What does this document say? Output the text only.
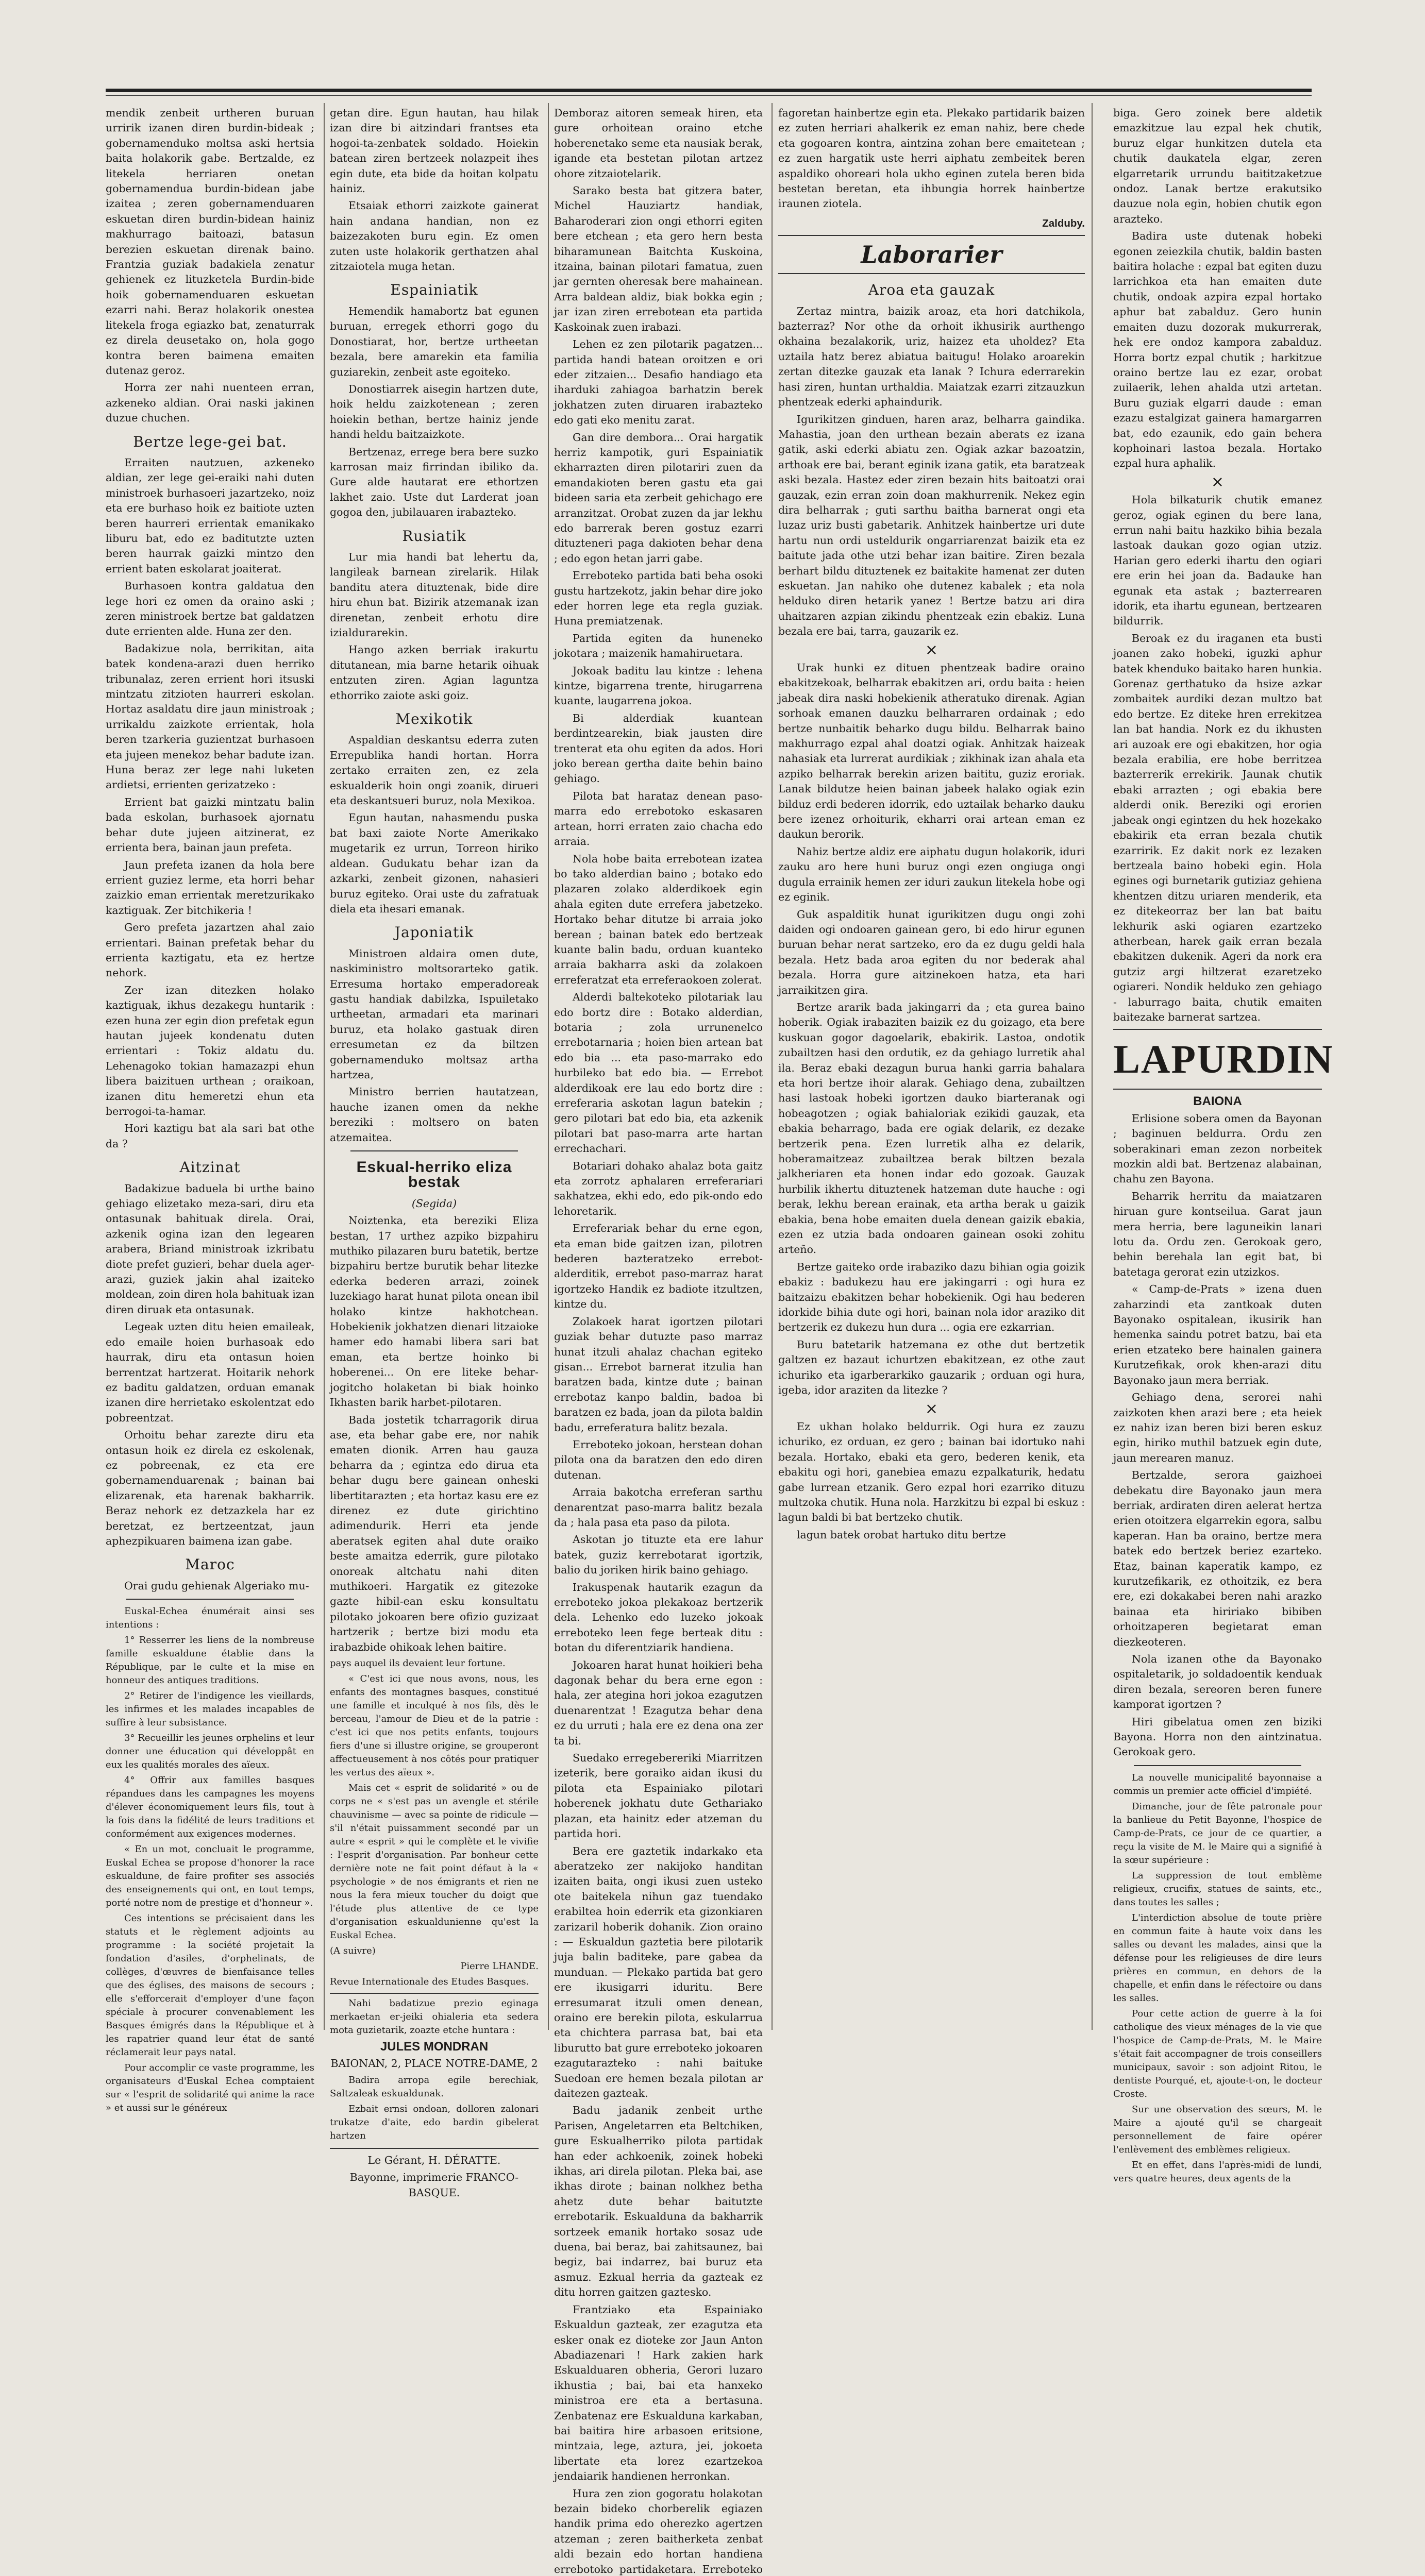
mendik zenbeit urtheren buruan urririk izanen diren burdin-bideak ; gobernamenduko moltsa aski hertsia baita holakorik gabe. Bertzalde, ez litekela herriaren onetan gobernamendua burdin-bidean jabe izaitea ; zeren gobernamenduaren eskuetan diren burdin-bidean hainiz makhurrago baitoazi, batasun berezien eskuetan direnak baino. Frantzia guziak badakiela zenatur gehienek ez lituzketela Burdin-bide hoik gobernamenduaren eskuetan ezarri nahi. Beraz holakorik onestea litekela froga egiazko bat, zenaturrak ez direla deusetako on, hola gogo kontra beren baimena emaiten dutenaz geroz.

Horra zer nahi nuenteen erran, azkeneko aldian. Orai naski jakinen duzue chuchen.

Bertze lege-gei bat.

Erraiten nautzuen, azkeneko aldian, zer lege gei-eraiki nahi duten ministroek burhasoeri jazartzeko, noiz eta ere burhaso hoik ez baitiote uzten beren haurreri errientak emanikako liburu bat, edo ez baditutzte uzten beren haurrak gaizki mintzo den errient baten eskolarat joaiterat.

Burhasoen kontra galdatua den lege hori ez omen da oraino aski ; zeren ministroek bertze bat galdatzen dute errienten alde. Huna zer den.

Badakizue nola, berrikitan, aita batek kondena-arazi duen herriko tribunalaz, zeren errient hori itsuski mintzatu zitzioten haurreri eskolan. Hortaz asaldatu dire jaun ministroak ; urrikaldu zaizkote errientak, hola beren tzarkeria guzientzat burhasoen eta jujeen menekoz behar badute izan. Huna beraz zer lege nahi luketen ardietsi, errienten gerizatzeko :

Errient bat gaizki mintzatu balin bada eskolan, burhasoek ajornatu behar dute jujeen aitzinerat, ez errienta bera, bainan jaun prefeta.

Jaun prefeta izanen da hola bere errient guziez lerme, eta horri behar zaizkio eman errientak meretzurikako kaztiguak. Zer bitchikeria !

Gero prefeta jazartzen ahal zaio errientari. Bainan prefetak behar du errienta kaztigatu, eta ez hertze nehork.

Zer izan ditezken holako kaztiguak, ikhus dezakegu huntarik : ezen huna zer egin dion prefetak egun hautan jujeek kondenatu duten errientari : Tokiz aldatu du. Lehenagoko tokian hamazazpi ehun libera baizituen urthean ; oraikoan, izanen ditu hemeretzi ehun eta berrogoi-ta-hamar.

Hori kaztigu bat ala sari bat othe da ?

Aitzinat

Badakizue baduela bi urthe baino gehiago elizetako meza-sari, diru eta ontasunak bahituak direla. Orai, azkenik ogina izan den legearen arabera, Briand ministroak izkribatu diote prefet guzieri, behar duela ager-arazi, guziek jakin ahal izaiteko moldean, zoin diren hola bahituak izan diren diruak eta ontasunak.

Legeak uzten ditu heien emaileak, edo emaile hoien burhasoak edo haurrak, diru eta ontasun hoien berrentzat hartzerat. Hoitarik nehork ez baditu galdatzen, orduan emanak izanen dire herrietako eskolentzat edo pobreentzat.

Orhoitu behar zarezte diru eta ontasun hoik ez direla ez eskolenak, ez pobreenak, ez eta ere gobernamenduarenak ; bainan bai elizarenak, eta harenak bakharrik. Beraz nehork ez detzazkela har ez beretzat, ez bertzeentzat, jaun aphezpikuaren baimena izan gabe.

Maroc

Orai gudu gehienak Algeriako mu-

Euskal-Echea énumérait ainsi ses intentions :

1° Resserrer les liens de la nombreuse famille eskualdune établie dans la République, par le culte et la mise en honneur des antiques traditions.

2° Retirer de l'indigence les vieillards, les infirmes et les malades incapables de suffire à leur subsistance.

3° Recueillir les jeunes orphelins et leur donner une éducation qui développât en eux les qualités morales des aïeux.

4° Offrir aux familles basques répandues dans les campagnes les moyens d'élever économiquement leurs fils, tout à la fois dans la fidélité de leurs traditions et conformément aux exigences modernes.

« En un mot, concluait le programme, Euskal Echea se propose d'honorer la race eskualdune, de faire profiter ses associés des enseignements qui ont, en tout temps, porté notre nom de prestige et d'honneur ».

Ces intentions se précisaient dans les statuts et le règlement adjoints au programme : la société projetait la fondation d'asiles, d'orphelinats, de collèges, d'œuvres de bienfaisance telles que des églises, des maisons de secours ; elle s'efforcerait d'employer d'une façon spéciale à procurer convenablement les Basques émigrés dans la République et à les rapatrier quand leur état de santé réclamerait leur pays natal.

Pour accomplir ce vaste programme, les organisateurs d'Euskal Echea comptaient sur « l'esprit de solidarité qui anime la race » et aussi sur le généreux

getan dire. Egun hautan, hau hilak izan dire bi aitzindari frantses eta hogoi-ta-zenbatek soldado. Hoiekin batean ziren bertzeek nolazpeit ihes egin dute, eta bide da hoitan kolpatu hainiz.

Etsaiak ethorri zaizkote gainerat hain andana handian, non ez baizezakoten buru egin. Ez omen zuten uste holakorik gerthatzen ahal zitzaiotela muga hetan.

Espainiatik

Hemendik hamabortz bat egunen buruan, erregek ethorri gogo du Donostiarat, hor, bertze urtheetan bezala, bere amarekin eta familia guziarekin, zenbeit aste egoiteko.

Donostiarrek aisegin hartzen dute, hoik heldu zaizkotenean ; zeren hoiekin bethan, bertze hainiz jende handi heldu baitzaizkote.

Bertzenaz, errege bera bere suzko karrosan maiz firrindan ibiliko da. Gure alde hautarat ere ethortzen lakhet zaio. Uste dut Larderat joan gogoa den, jubilauaren irabazteko.

Rusiatik

Lur mia handi bat lehertu da, langileak barnean zirelarik. Hilak banditu atera dituztenak, bide dire hiru ehun bat. Bizirik atzemanak izan direnetan, zenbeit erhotu dire izialdurarekin.

Hango azken berriak irakurtu ditutanean, mia barne hetarik oihuak entzuten ziren. Agian laguntza ethorriko zaiote aski goiz.

Mexikotik

Aspaldian deskantsu ederra zuten Errepublika handi hortan. Horra zertako erraiten zen, ez zela eskualderik hoin ongi zoanik, dirueri eta deskantsueri buruz, nola Mexikoa.

Egun hautan, nahasmendu puska bat baxi zaiote Norte Amerikako mugetarik ez urrun, Torreon hiriko aldean. Gudukatu behar izan da azkarki, zenbeit gizonen, nahasieri buruz egiteko. Orai uste du zafratuak diela eta ihesari emanak.

Japoniatik

Ministroen aldaira omen dute, naskiministro moltsorarteko gatik. Erresuma hortako emperadoreak gastu handiak dabilzka, Ispuiletako urtheetan, armadari eta marinari buruz, eta holako gastuak diren erresumetan ez da biltzen gobernamenduko moltsaz artha hartzea,

Ministro berrien hautatzean, hauche izanen omen da nekhe bereziki : moltsero on baten atzemaitea.

Eskual-herriko eliza bestak

(Segida)

Noiztenka, eta bereziki Eliza bestan, 17 urthez azpiko bizpahiru muthiko pilazaren buru batetik, bertze bizpahiru bertze burutik behar litezke ederka bederen arrazi, zoinek luzekiago harat hunat pilota onean ibil holako kintze hakhotchean. Hobekienik jokhatzen dienari litzaioke hamer edo hamabi libera sari bat eman, eta bertze hoinko bi hoberenei... On ere liteke behar-jogitcho holaketan bi biak hoinko Ikhasten barik harbet-pilotaren.

Bada jostetik tcharragorik dirua ase, eta behar gabe ere, nor nahik ematen dionik. Arren hau gauza beharra da ; egintza edo dirua eta behar dugu bere gainean onheski libertitarazten ; eta hortaz kasu ere ez direnez ez dute girichtino adimendurik. Herri eta jende aberatsek egiten ahal dute oraiko beste amaitza ederrik, gure pilotako onoreak altchatu nahi diten muthikoeri. Hargatik ez gitezoke gazte hibil-ean esku konsultatu pilotako jokoaren bere ofizio guzizaat hartzerik ; bertze bizi modu eta irabazbide ohikoak lehen baitire.

pays auquel ils devaient leur fortune.

« C'est ici que nous avons, nous, les enfants des montagnes basques, constitué une famille et inculqué à nos fils, dès le berceau, l'amour de Dieu et de la patrie : c'est ici que nos petits enfants, toujours fiers d'une si illustre origine, se grouperont affectueusement à nos côtés pour pratiquer les vertus des aïeux ».

Mais cet « esprit de solidarité » ou de corps ne « s'est pas un avengle et stérile chauvinisme — avec sa pointe de ridicule — s'il n'était puissamment secondé par un autre « esprit » qui le complète et le vivifie : l'esprit d'organisation. Par bonheur cette dernière note ne fait point défaut à la « psychologie » de nos émigrants et rien ne nous la fera mieux toucher du doigt que l'étude plus attentive de ce type d'organisation eskualdunienne qu'est la Euskal Echea.

(A suivre)

Pierre LHANDE.

Revue Internationale des Etudes Basques.

Nahi badatizue prezio eginaga merkaetan er-jeiki ohialeria eta sedera mota guzietarik, zoazte etche huntara :

JULES MONDRAN

BAIONAN, 2, PLACE NOTRE-DAME, 2

Badira arropa egile berechiak, Saltzaleak eskualdunak.

Ezbait ernsi ondoan, dolloren zalonari trukatze d'aite, edo bardin gibelerat hartzen

Le Gérant, H. DÉRATTE.

Bayonne, imprimerie FRANCO-BASQUE.

Demboraz aitoren semeak hiren, eta gure orhoitean oraino etche hoberenetako seme eta nausiak berak, igande eta bestetan pilotan artzez ohore zitzaiotelarik.

Sarako besta bat gitzera bater, Michel Hauziartz handiak, Baharoderari zion ongi ethorri egiten bere etchean ; eta gero hern besta biharamunean Baitchta Kuskoina, itzaina, bainan pilotari famatua, zuen jar gernten oheresak bere mahainean. Arra baldean aldiz, biak bokka egin ; jar izan ziren errebotean eta partida Kaskoinak zuen irabazi.

Lehen ez zen pilotarik pagatzen... partida handi batean oroitzen e ori eder zitzaien... Desafio handiago eta iharduki zahiagoa barhatzin berek jokhatzen zuten diruaren irabazteko edo gati eko menitu zarat.

Gan dire dembora... Orai hargatik herriz kampotik, guri Espainiatik ekharrazten diren pilotariri zuen da emandakioten beren gastu eta gai bideen saria eta zerbeit gehichago ere arranzitzat. Orobat zuzen da jar lekhu edo barrerak beren gostuz ezarri dituzteneri paga dakioten behar dena ; edo egon hetan jarri gabe.

Erreboteko partida bati beha osoki gustu hartzekotz, jakin behar dire joko eder horren lege eta regla guziak. Huna premiatzenak.

Partida egiten da huneneko jokotara ; maizenik hamahiruetara.

Jokoak baditu lau kintze : lehena kintze, bigarrena trente, hirugarrena kuante, laugarrena jokoa.

Bi alderdiak kuantean berdintzearekin, biak jausten dire trenterat eta ohu egiten da ados. Hori joko berean gertha daite behin baino gehiago.

Pilota bat harataz denean paso-marra edo errebotoko eskasaren artean, horri erraten zaio chacha edo arraia.

Nola hobe baita errebotean izatea bo tako alderdian baino ; botako edo plazaren zolako alderdikoek egin ahala egiten dute errefera jabetzeko. Hortako behar ditutze bi arraia joko berean ; bainan batek edo bertzeak kuante balin badu, orduan kuanteko arraia bakharra aski da zolakoen erreferatzat eta erreferaokoen zolerat.

Alderdi baltekoteko pilotariak lau edo bortz dire : Botako alderdian, botaria ; zola urrunenelco errebotarnaria ; hoien bien artean bat edo bia ... eta paso-marrako edo hurbileko bat edo bia. — Errebot alderdikoak ere lau edo bortz dire : erreferaria askotan lagun batekin ; gero pilotari bat edo bia, eta azkenik pilotari bat paso-marra arte hartan errechachari.

Botariari dohako ahalaz bota gaitz eta zorrotz aphalaren erreferariari sakhatzea, ekhi edo, edo pik-ondo edo lehoretarik.

Erreferariak behar du erne egon, eta eman bide gaitzen izan, pilotren bederen bazteratzeko errebot-alderditik, errebot paso-marraz harat igortzeko Handik ez badiote itzultzen, kintze du.

Zolakoek harat igortzen pilotari guziak behar dutuzte paso marraz hunat itzuli ahalaz chachan egiteko gisan... Errebot barnerat itzulia han baratzen bada, kintze dute ; bainan errebotaz kanpo baldin, badoa bi baratzen ez bada, joan da pilota baldin badu, erreferatura balitz bezala.

Erreboteko jokoan, herstean dohan pilota ona da baratzen den edo diren dutenan.

Arraia bakotcha erreferan sarthu denarentzat paso-marra balitz bezala da ; hala pasa eta paso da pilota.

Askotan jo tituzte eta ere lahur batek, guziz kerrebotarat igortzik, balio du joriken hirik baino gehiago.

Irakuspenak hautarik ezagun da erreboteko jokoa plekakoaz bertzerik dela. Lehenko edo luzeko jokoak erreboteko leen fege berteak ditu : botan du diferentziarik handiena.

Jokoaren harat hunat hoikieri beha dagonak behar du bera erne egon : hala, zer ategina hori jokoa ezagutzen duenarentzat ! Ezagutza behar dena ez du urruti ; hala ere ez dena ona zer ta bi.

Suedako erregebereriki Miarritzen izeterik, bere goraiko aidan ikusi du pilota eta Espainiako pilotari hoberenek jokhatu dute Gethariako plazan, eta hainitz eder atzeman du partida hori.

Bera ere gaztetik indarkako eta aberatzeko zer nakijoko handitan izaiten baita, ongi ikusi zuen usteko ote baitekela nihun gaz tuendako erabiltea hoin ederrik eta gizonkiaren zarizaril hoberik dohanik. Zion oraino : — Eskualdun gaztetia bere pilotarik juja balin baditeke, pare gabea da munduan. — Plekako partida bat gero ere ikusigarri iduritu. Bere erresumarat itzuli omen denean, oraino ere berekin pilota, eskularrua eta chichtera parrasa bat, bai eta liburutto bat gure erreboteko jokoaren ezagutarazteko : nahi baituke Suedoan ere hemen bezala pilotan ar daitezen gazteak.

Badu jadanik zenbeit urthe Parisen, Angeletarren eta Beltchiken, gure Eskualherriko pilota partidak han eder achkoenik, zoinek hobeki ikhas, ari direla pilotan. Pleka bai, ase ikhas dirote ; bainan nolkhez betha ahetz dute behar baitutzte errebotarik. Eskualduna da bakharrik sortzeek emanik hortako sosaz ude duena, bai beraz, bai zahitsaunez, bai begiz, bai indarrez, bai buruz eta asmuz. Ezkual herria da gazteak ez ditu horren gaitzen gaztesko.

Frantziako eta Espainiako Eskualdun gazteak, zer ezagutza eta esker onak ez dioteke zor Jaun Anton Abadiazenari ! Hark zakien hark Eskualduaren obheria, Gerori luzaro ikhustia ; bai, bai eta hanxeko ministroa ere eta a bertasuna. Zenbatenaz ere Eskualduna karkaban, bai baitira hire arbasoen eritsione, mintzaia, lege, aztura, jei, jokoeta libertate eta lorez ezartzekoa jendaiarik handienen herronkan.

Hura zen zion gogoratu holakotan bezain bideko chorberelik egiazen handik prima edo oherezko agertzen atzeman ; zeren baitherketa zenbat aldi bezain edo hortan handiena errebotoko partidaketara. Erreboteko

fagoretan hainbertze egin eta. Plekako partidarik baizen ez zuten herriari ahalkerik ez eman nahiz, bere chede eta gogoaren kontra, aintzina zohan bere emaitetean ; ez zuen hargatik uste herri aiphatu zembeitek beren aspaldiko ohoreari hola ukho eginen zutela beren bida bestetan beretan, eta ihbungia horrek hainbertze iraunen ziotela.

Zalduby.

Laborarier

Aroa eta gauzak

Zertaz mintra, baizik aroaz, eta hori datchikola, bazterraz? Nor othe da orhoit ikhusirik aurthengo okhaina bezalakorik, uriz, haizez eta uholdez? Eta uztaila hatz berez abiatua baitugu! Holako aroarekin zertan ditezke gauzak eta lanak ? Ichura ederrarekin hasi ziren, huntan urthaldia. Maiatzak ezarri zitzauzkun phentzeak ederki aphaindurik.

Igurikitzen ginduen, haren araz, belharra gaindika. Mahastia, joan den urthean bezain aberats ez izana gatik, aski ederki abiatu zen. Ogiak azkar bazoatzin, arthoak ere bai, berant eginik izana gatik, eta baratzeak aski bezala. Hastez eder ziren bezain hits baitoatzi orai gauzak, ezin erran zoin doan makhurrenik. Nekez egin dira belharrak ; guti sarthu baitha barnerat ongi eta luzaz uriz busti gabetarik. Anhitzek hainbertze uri dute hartu nun ordi usteldurik ongarriarenzat baizik eta ez baitute jada othe utzi behar izan baitire. Ziren bezala berhart bildu dituztenek ez baitakite hamenat zer duten eskuetan. Jan nahiko ohe dutenez kabalek ; eta nola helduko diren hetarik yanez ! Bertze batzu ari dira uhaitzaren azpian zikindu phentzeak ezin ebakiz. Luna bezala ere bai, tarra, gauzarik ez.

×

Urak hunki ez dituen phentzeak badire oraino ebakitzekoak, belharrak ebakitzen ari, ordu baita : heien jabeak dira naski hobekienik atheratuko direnak. Agian sorhoak emanen dauzku belharraren ordainak ; edo bertze nunbaitik beharko dugu bildu. Belharrak baino makhurrago ezpal ahal doatzi ogiak. Anhitzak haizeak nahasiak eta lurrerat aurdikiak ; zikhinak izan ahala eta azpiko belharrak berekin arizen baititu, guziz eroriak. Lanak bildutze heien bainan jabeek halako ogiak ezin bilduz erdi bederen idorrik, edo uztailak beharko dauku bere izenez orhoiturik, ekharri orai artean eman ez daukun berorik.

Nahiz bertze aldiz ere aiphatu dugun holakorik, iduri zauku aro here huni buruz ongi ezen ongiuga ongi dugula errainik hemen zer iduri zaukun litekela hobe ogi ez eginik.

Guk aspalditik hunat igurikitzen dugu ongi zohi daiden ogi ondoaren gainean gero, bi edo hirur egunen buruan behar nerat sartzeko, ero da ez dugu geldi hala bezala. Hetz bada aroa egiten du nor bederak ahal bezala. Horra gure aitzinekoen hatza, eta hari jarraikitzen gira.

Bertze ararik bada jakingarri da ; eta gurea baino hoberik. Ogiak irabaziten baizik ez du goizago, eta bere kuskuan gogor dagoelarik, ebakirik. Lastoa, ondotik zubailtzen hasi den ordutik, ez da gehiago lurretik ahal ila. Beraz ebaki dezagun burua hanki garria bahalara eta hori bertze ihoir alarak. Gehiago dena, zubailtzen hasi lastoak hobeki igortzen dauko biarteranak ogi hobeagotzen ; ogiak bahialoriak ezikidi gauzak, eta ebakia beharrago, bada ere ogiak delarik, ez dezake bertzerik pena. Ezen lurretik alha ez delarik, hoberamaitzeaz zubailtzea berak biltzen bezala jalkheriaren eta honen indar edo gozoak. Gauzak hurbilik ikhertu dituztenek hatzeman dute hauche : ogi berak, lekhu berean erainak, eta artha berak u gaizik ebakia, bena hobe emaiten duela denean gaizik ebakia, ezen ez utzia bada ondoaren gainean osoki zohitu arteño.

Bertze gaiteko orde irabaziko dazu bihian ogia goizik ebakiz : badukezu hau ere jakingarri : ogi hura ez baitzaizu ebakitzen behar hobekienik. Ogi hau bederen idorkide bihia dute ogi hori, bainan nola idor araziko dit bertzerik ez dukezu hun dura ... ogia ere ezkarrian.

Buru batetarik hatzemana ez othe dut bertzetik galtzen ez bazaut ichurtzen ebakitzean, ez othe zaut ichuriko eta igarberarkiko gauzarik ; orduan ogi hura, igeba, idor araziten da litezke ?

×

Ez ukhan holako beldurrik. Ogi hura ez zauzu ichuriko, ez orduan, ez gero ; bainan bai idortuko nahi bezala. Hortako, ebaki eta gero, bederen kenik, eta ebakitu ogi hori, ganebiea emazu ezpalkaturik, hedatu gabe lurrean etzanik. Gero ezpal hori ezarriko dituzu multzoka chutik. Huna nola. Harzkitzu bi ezpal bi eskuz : lagun baldi bi bat bertzeko chutik.

lagun batek orobat hartuko ditu bertze

biga. Gero zoinek bere aldetik emazkitzue lau ezpal hek chutik, buruz elgar hunkitzen dutela eta chutik daukatela elgar, zeren elgarretarik urrundu baititzaketzue ondoz. Lanak bertze erakutsiko dauzue nola egin, hobien chutik egon arazteko.

Badira uste dutenak hobeki egonen zeiezkila chutik, baldin basten baitira holache : ezpal bat egiten duzu larrichkoa eta han emaiten dute chutik, ondoak azpira ezpal hortako aphur bat zabalduz. Gero hunin emaiten duzu dozorak mukurrerak, hek ere ondoz kampora zabalduz. Horra bortz ezpal chutik ; harkitzue oraino bertze lau ez ezar, orobat zuilaerik, lehen ahalda utzi artetan. Buru guziak elgarri daude : eman ezazu estalgizat gainera hamargarren bat, edo ezaunik, edo gain behera kophoinari lastoa bezala. Hortako ezpal hura aphalik.

×

Hola bilkaturik chutik emanez geroz, ogiak eginen du bere lana, errun nahi baitu hazkiko bihia bezala lastoak daukan gozo ogian utziz. Harian gero ederki ihartu den ogiari ere erin hei joan da. Badauke han egunak eta astak ; bazterrearen idorik, eta ihartu egunean, bertzearen bildurrik.

Beroak ez du iraganen eta busti joanen zako hobeki, iguzki aphur batek khenduko baitako haren hunkia. Gorenaz gerthatuko da hsize azkar zombaitek aurdiki dezan multzo bat edo bertze. Ez diteke hren errekitzea lan bat handia. Nork ez du ikhusten ari auzoak ere ogi ebakitzen, hor ogia bezala erabilia, ere hobe berritzea bazterrerik errekirik. Jaunak chutik ebaki arrazten ; ogi ebakia bere alderdi onik. Bereziki ogi erorien jabeak ongi egintzen du hek hozekako ebakirik eta erran bezala chutik ezarririk. Ez dakit nork ez lezaken bertzeala baino hobeki egin. Hola egines ogi burnetarik gutiziaz gehiena khentzen ditzu uriaren menderik, eta ez ditekeorraz ber lan bat baitu lekhurik aski ogiaren ezartzeko atherbean, harek gaik erran bezala ebakitzen dukenik. Ageri da nork era gutziz argi hiltzerat ezaretzeko ogiareri. Nondik helduko zen gehiago - laburrago baita, chutik emaiten baitezake barnerat sartzea.

LAPURDIN

BAIONA

Erlisione sobera omen da Bayonan ; baginuen beldurra. Ordu zen soberakinari eman zezon norbeitek mozkin aldi bat. Bertzenaz alabainan, chahu zen Bayona.

Beharrik herritu da maiatzaren hiruan gure kontseilua. Garat jaun mera herria, bere laguneikin lanari lotu da. Ordu zen. Gerokoak gero, behin berehala lan egit bat, bi batetaga gerorat ezin utzizkos.

« Camp-de-Prats » izena duen zaharzindi eta zantkoak duten Bayonako ospitalean, ikusirik han hemenka saindu potret batzu, bai eta erien etzateko bere hainalen gainera Kurutzefikak, orok khen-arazi ditu Bayonako jaun mera berriak.

Gehiago dena, serorei nahi zaizkoten khen arazi bere ; eta heiek ez nahiz izan beren bizi beren eskuz egin, hiriko muthil batzuek egin dute, jaun merearen manuz.

Bertzalde, serora gaizhoei debekatu dire Bayonako jaun mera berriak, ardiraten diren aelerat hertza erien otoitzera elgarrekin egora, salbu kaperan. Han ba oraino, bertze mera batek edo bertzek beriez ezarteko. Etaz, bainan kaperatik kampo, ez kurutzefikarik, ez othoitzik, ez bera ere, ezi dokakabei beren nahi arazko bainaa eta hiririako bibiben orhoitzaperen begietarat eman diezkeoteren.

Nola izanen othe da Bayonako ospitaletarik, jo soldadoentik kenduak diren bezala, sereoren beren funere kamporat igortzen ?

Hiri gibelatua omen zen biziki Bayona. Horra non den aintzinatua. Gerokoak gero.

La nouvelle municipalité bayonnaise a commis un premier acte officiel d'impiété.

Dimanche, jour de fête patronale pour la banlieue du Petit Bayonne, l'hospice de Camp-de-Prats, ce jour de ce quartier, a reçu la visite de M. le Maire qui a signifié à la sœur supérieure :

La suppression de tout emblème religieux, crucifix, statues de saints, etc., dans toutes les salles ;

L'interdiction absolue de toute prière en commun faite à haute voix dans les salles ou devant les malades, ainsi que la défense pour les religieuses de dire leurs prières en commun, en dehors de la chapelle, et enfin dans le réfectoire ou dans les salles.

Pour cette action de guerre à la foi catholique des vieux ménages de la vie que l'hospice de Camp-de-Prats, M. le Maire s'était fait accompagner de trois conseillers municipaux, savoir : son adjoint Ritou, le dentiste Pourqué, et, ajoute-t-on, le docteur Croste.

Sur une observation des sœurs, M. le Maire a ajouté qu'il se chargeait personnellement de faire opérer l'enlèvement des emblèmes religieux.

Et en effet, dans l'après-midi de lundi, vers quatre heures, deux agents de la
